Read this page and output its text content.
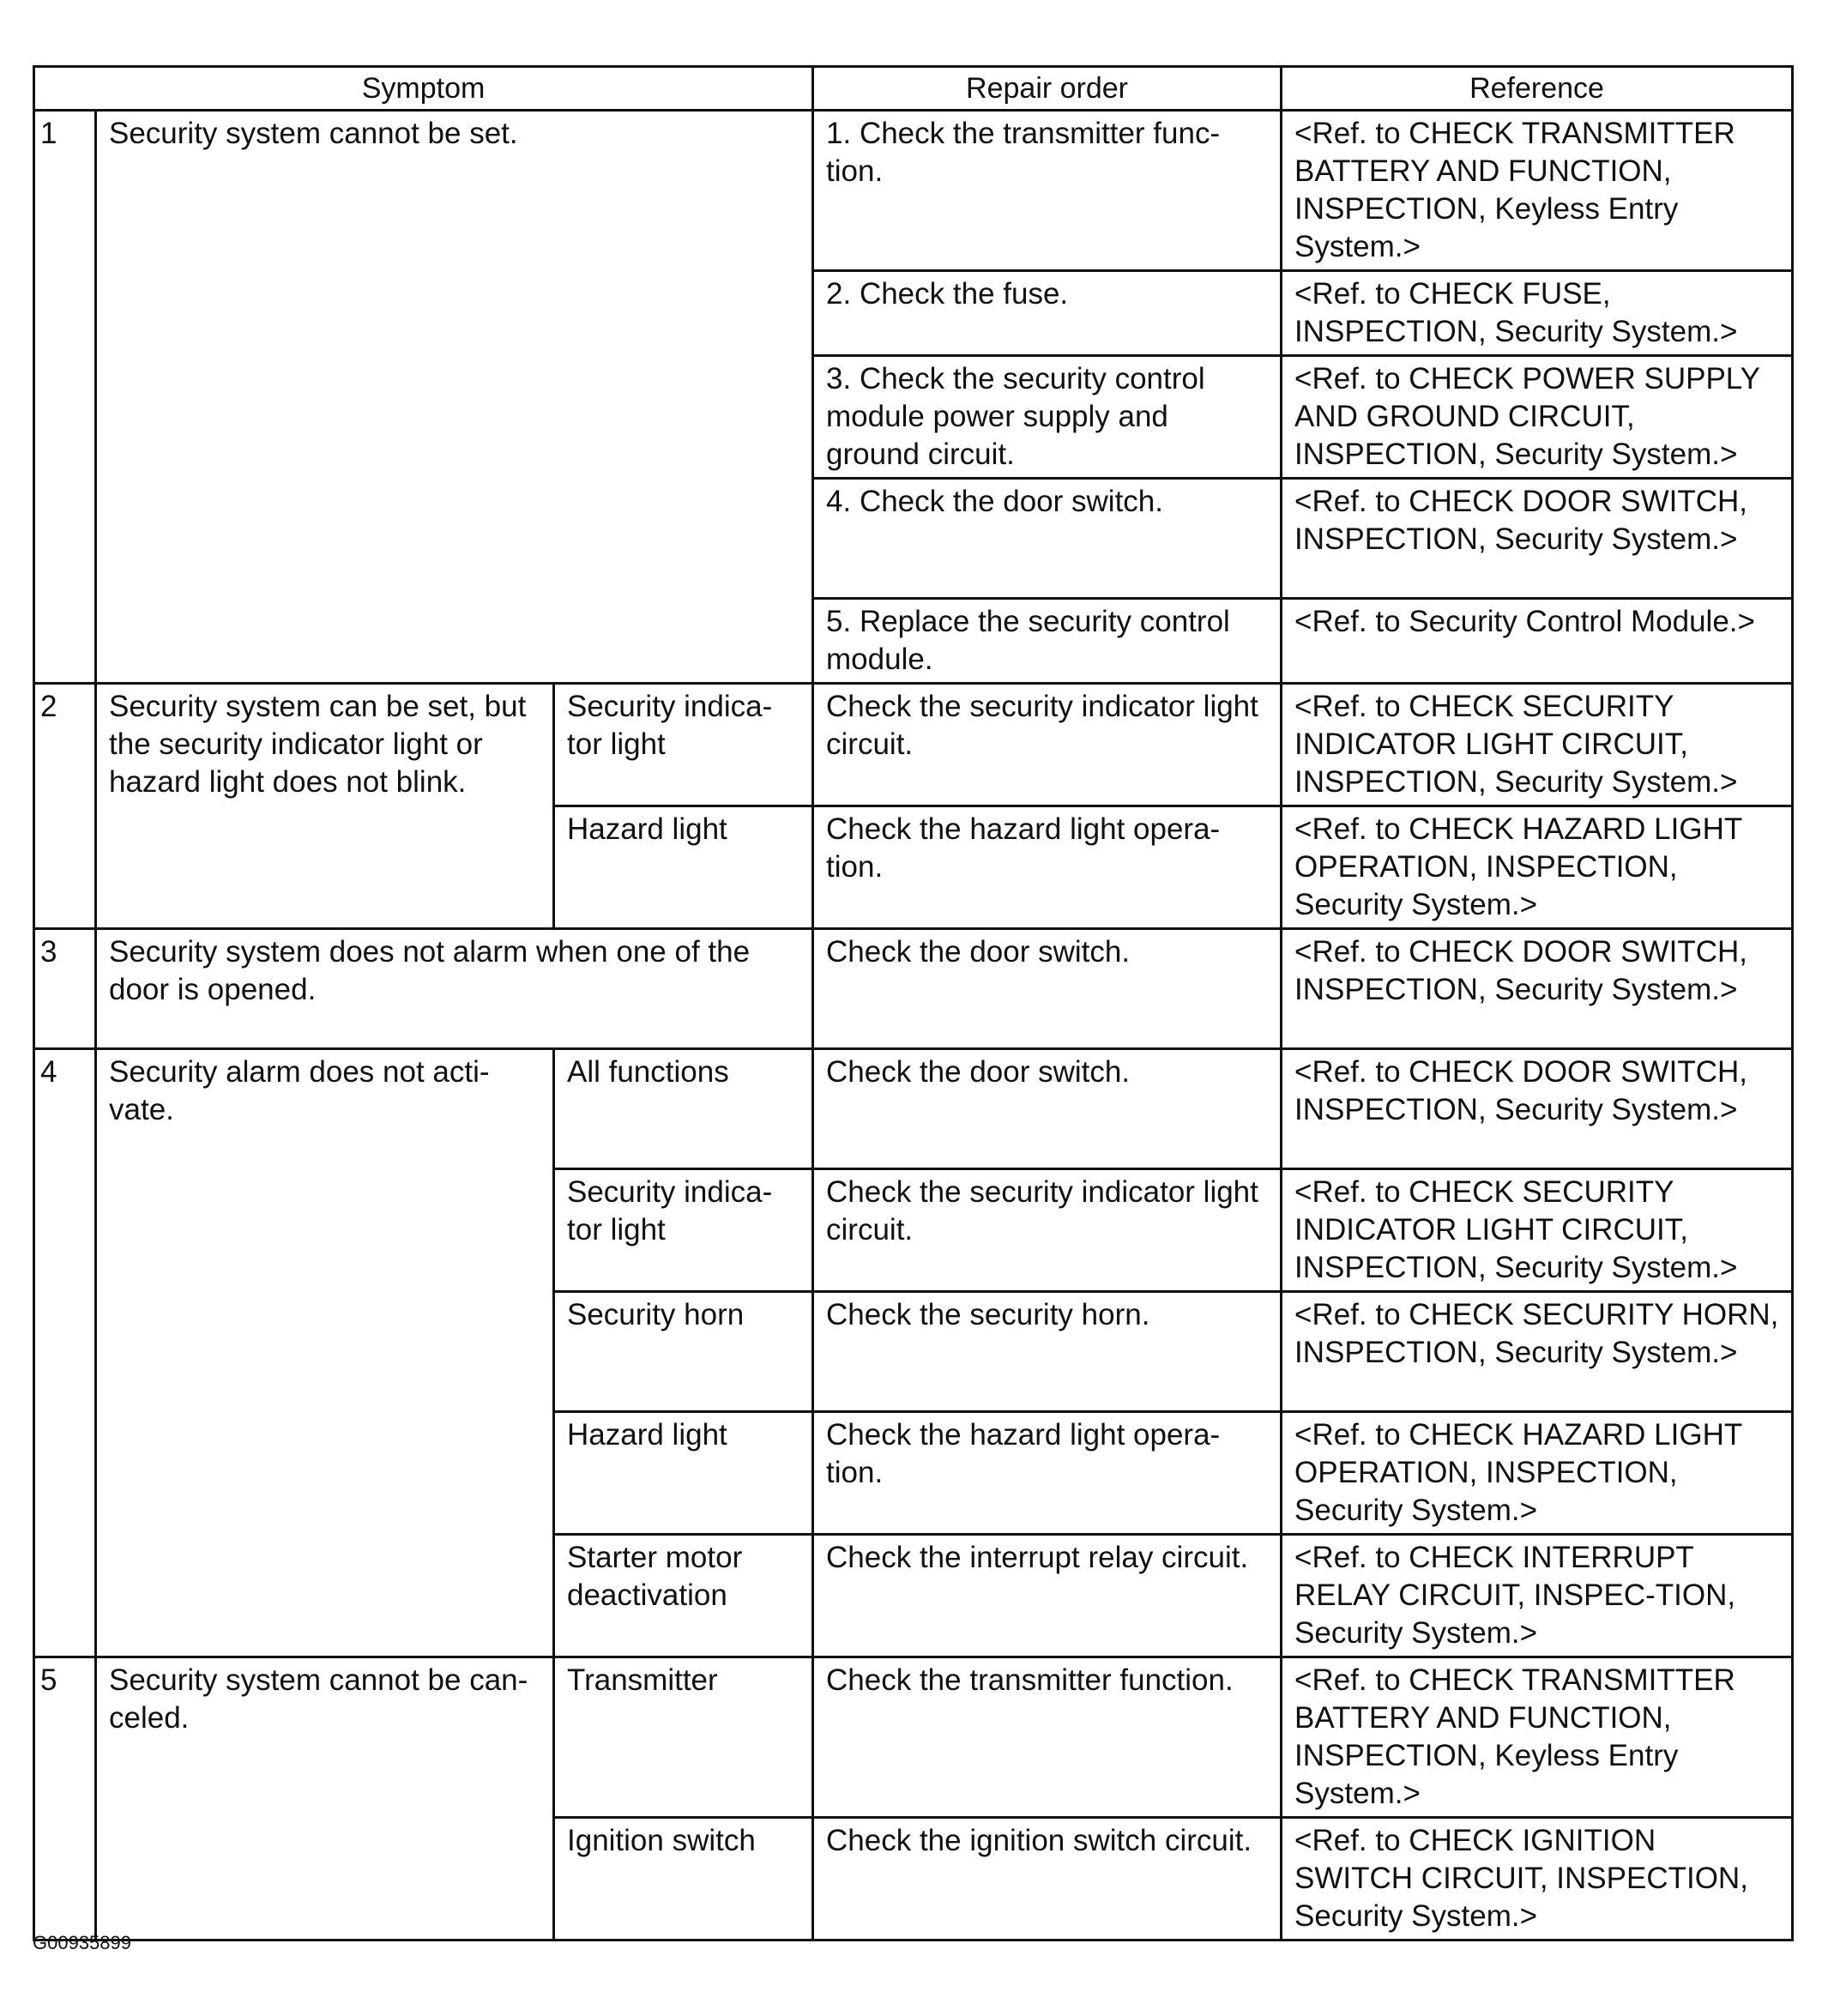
Symptom			Repair order	Reference
1	Security system cannot be set.		1. Check the transmitter func-tion.	<Ref. to CHECK TRANSMITTER BATTERY AND FUNCTION, INSPECTION, Keyless Entry System.>
			2. Check the fuse.	<Ref. to CHECK FUSE, INSPECTION, Security System.>
			3. Check the security control module power supply and ground circuit.	<Ref. to CHECK POWER SUPPLY AND GROUND CIRCUIT, INSPECTION, Security System.>
			4. Check the door switch.	<Ref. to CHECK DOOR SWITCH, INSPECTION, Security System.>
			5. Replace the security control module.	<Ref. to Security Control Module.>
2	Security system can be set, but the security indicator light or hazard light does not blink.	Security indica-tor light	Check the security indicator light circuit.	<Ref. to CHECK SECURITY INDICATOR LIGHT CIRCUIT, INSPECTION, Security System.>
		Hazard light	Check the hazard light opera-tion.	<Ref. to CHECK HAZARD LIGHT OPERATION, INSPECTION, Security System.>
3	Security system does not alarm when one of the door is opened.		Check the door switch.	<Ref. to CHECK DOOR SWITCH, INSPECTION, Security System.>
4	Security alarm does not acti-vate.	All functions	Check the door switch.	<Ref. to CHECK DOOR SWITCH, INSPECTION, Security System.>
		Security indica-tor light	Check the security indicator light circuit.	<Ref. to CHECK SECURITY INDICATOR LIGHT CIRCUIT, INSPECTION, Security System.>
		Security horn	Check the security horn.	<Ref. to CHECK SECURITY HORN, INSPECTION, Security System.>
		Hazard light	Check the hazard light opera-tion.	<Ref. to CHECK HAZARD LIGHT OPERATION, INSPECTION, Security System.>
		Starter motor deactivation	Check the interrupt relay circuit.	<Ref. to CHECK INTERRUPT RELAY CIRCUIT, INSPEC-TION, Security System.>
5	Security system cannot be can-celed.	Transmitter	Check the transmitter function.	<Ref. to CHECK TRANSMITTER BATTERY AND FUNCTION, INSPECTION, Keyless Entry System.>
		Ignition switch	Check the ignition switch circuit.	<Ref. to CHECK IGNITION SWITCH CIRCUIT, INSPECTION, Security System.>
G00935899
